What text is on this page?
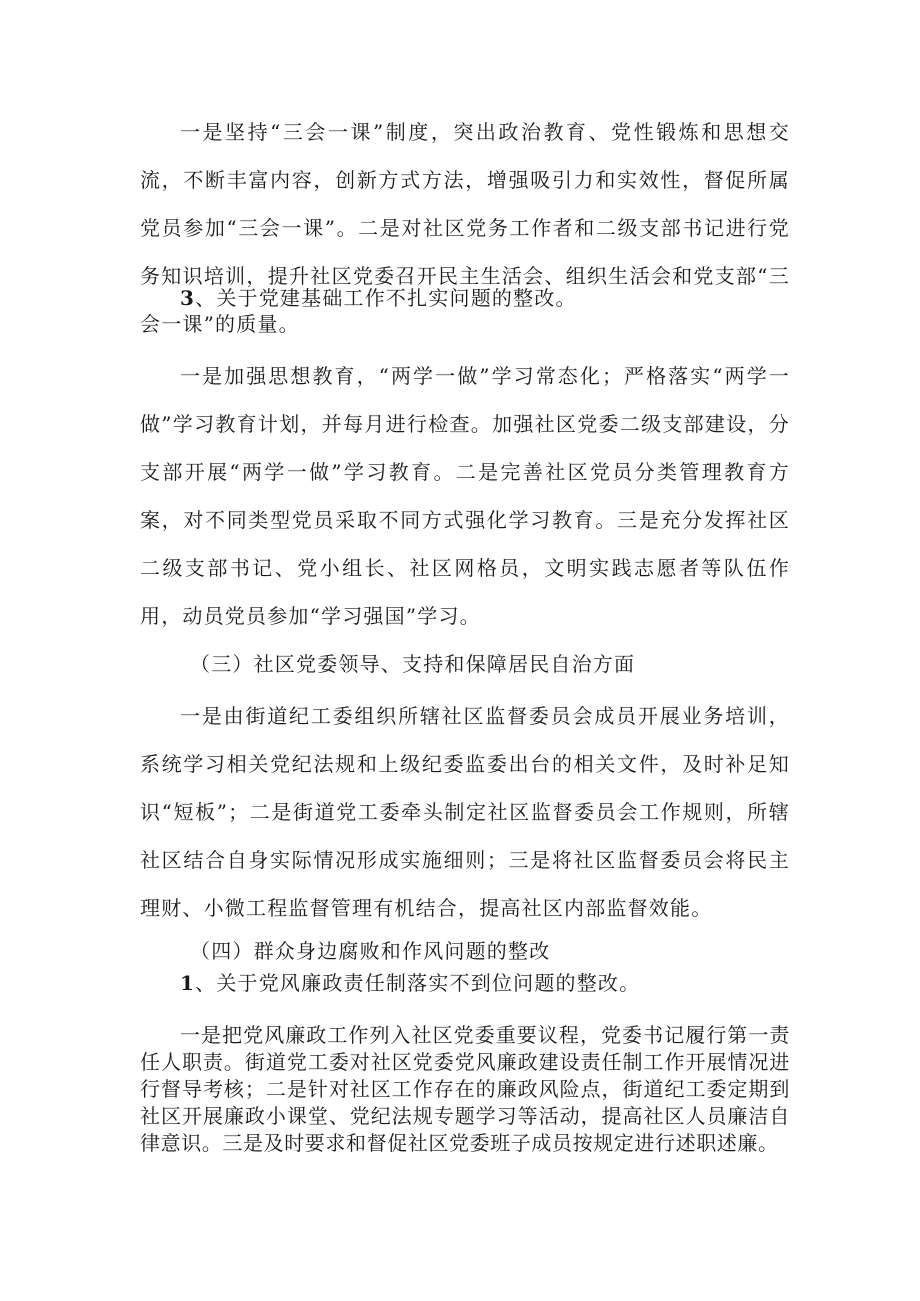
一是坚持“三会一课”制度，突出政治教育、党性锻炼和思想交流，不断丰富内容，创新方式方法，增强吸引力和实效性，督促所属党员参加“三会一课”。二是对社区党务工作者和二级支部书记进行党务知识培训，提升社区党委召开民主生活会、组织生活会和党支部“三会一课”的质量。

3、关于党建基础工作不扎实问题的整改。

一是加强思想教育，“两学一做”学习常态化；严格落实“两学一做”学习教育计划，并每月进行检查。加强社区党委二级支部建设，分支部开展“两学一做”学习教育。二是完善社区党员分类管理教育方案，对不同类型党员采取不同方式强化学习教育。三是充分发挥社区二级支部书记、党小组长、社区网格员，文明实践志愿者等队伍作用，动员党员参加“学习强国”学习。

（三）社区党委领导、支持和保障居民自治方面

一是由街道纪工委组织所辖社区监督委员会成员开展业务培训，系统学习相关党纪法规和上级纪委监委出台的相关文件，及时补足知识“短板”；二是街道党工委牵头制定社区监督委员会工作规则，所辖社区结合自身实际情况形成实施细则；三是将社区监督委员会将民主理财、小微工程监督管理有机结合，提高社区内部监督效能。

（四）群众身边腐败和作风问题的整改

1、关于党风廉政责任制落实不到位问题的整改。

一是把党风廉政工作列入社区党委重要议程，党委书记履行第一责任人职责。街道党工委对社区党委党风廉政建设责任制工作开展情况进行督导考核；二是针对社区工作存在的廉政风险点，街道纪工委定期到社区开展廉政小课堂、党纪法规专题学习等活动，提高社区人员廉洁自律意识。三是及时要求和督促社区党委班子成员按规定进行述职述廉。
